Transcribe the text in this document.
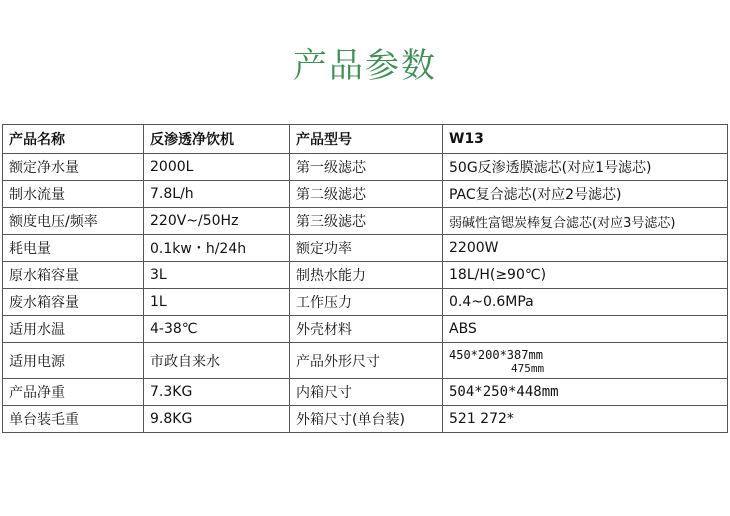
产品参数
产品名称	反渗透净饮机	产品型号	W13
额定净水量	2000L	第一级滤芯	50G反渗透膜滤芯(对应1号滤芯)
制水流量	7.8L/h	第二级滤芯	PAC复合滤芯(对应2号滤芯)
额度电压/频率	220V~/50Hz	第三级滤芯	弱碱性富锶炭棒复合滤芯(对应3号滤芯)
耗电量	0.1kw・h/24h	额定功率	2200W
原水箱容量	3L	制热水能力	18L/H(≥90℃)
废水箱容量	1L	工作压力	0.4~0.6MPa
适用水温	4-38℃	外壳材料	ABS
适用电源	市政自来水	产品外形尺寸	450*200*387mm
475mm

产品净重	7.3KG	内箱尺寸	504*250*448mm
单台装毛重	9.8KG	外箱尺寸(单台装)	521 272*
